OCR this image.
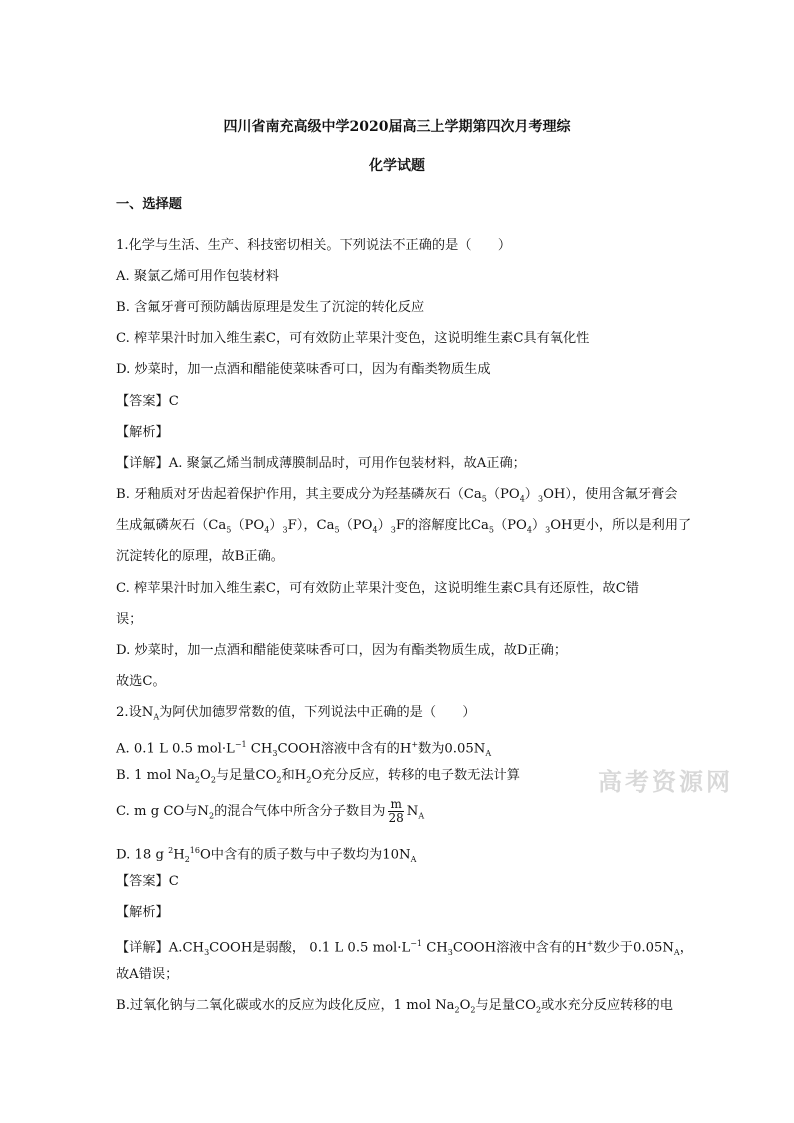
四川省南充高级中学2020届高三上学期第四次月考理综
化学试题
一、选择题
1.化学与生活、生产、科技密切相关。下列说法不正确的是（　　）
A. 聚氯乙烯可用作包装材料
B. 含氟牙膏可预防龋齿原理是发生了沉淀的转化反应
C. 榨苹果汁时加入维生素C，可有效防止苹果汁变色，这说明维生素C具有氧化性
D. 炒菜时，加一点酒和醋能使菜味香可口，因为有酯类物质生成
【答案】C
【解析】
【详解】A. 聚氯乙烯当制成薄膜制品时，可用作包装材料，故A正确；
B. 牙釉质对牙齿起着保护作用，其主要成分为羟基磷灰石$(Ca_5(PO_4)_3OH)$，使用含氟牙膏会
生成氟磷灰石$(Ca_5(PO_4)_3F)$，$Ca_5(PO_4)_3F$的溶解度比$Ca_5(PO_4)_3OH$更小，所以是利用了
沉淀转化的原理，故B正确。
C. 榨苹果汁时加入维生素C，可有效防止苹果汁变色，这说明维生素C具有还原性，故C错
误；
D. 炒菜时，加一点酒和醋能使菜味香可口，因为有酯类物质生成，故D正确；
故选C。
2.设$N_A$为阿伏加德罗常数的值，下列说法中正确的是（　　）
A. 0.1 L 0.5 $mol\cdot L^{-1}$ $CH_3COOH$溶液中含有的H+数为$0.05N_A$
B. 1 mol $Na_2O_2$与足量$CO_2$和$H_2O$充分反应，转移的电子数无法计算
C. m g CO与$N_2$的混合气体中所含分子数目为 $\frac{m}{28} N_A$
D. 18 g $^2H_2^{16}O$中含有的质子数与中子数均为$10N_A$
【答案】C
【解析】
【详解】$A.CH_3COOH$是弱酸， 0.1 L 0.5 $mol\cdot L^{-1}$ $CH_3COOH$溶液中含有的H+数少于$0.05N_A$，
故A错误；
B.过氧化钠与二氧化碳或水的反应为歧化反应，1 mol $Na_2O_2$与足量$CO_2$或水充分反应转移的电
高考资源网
